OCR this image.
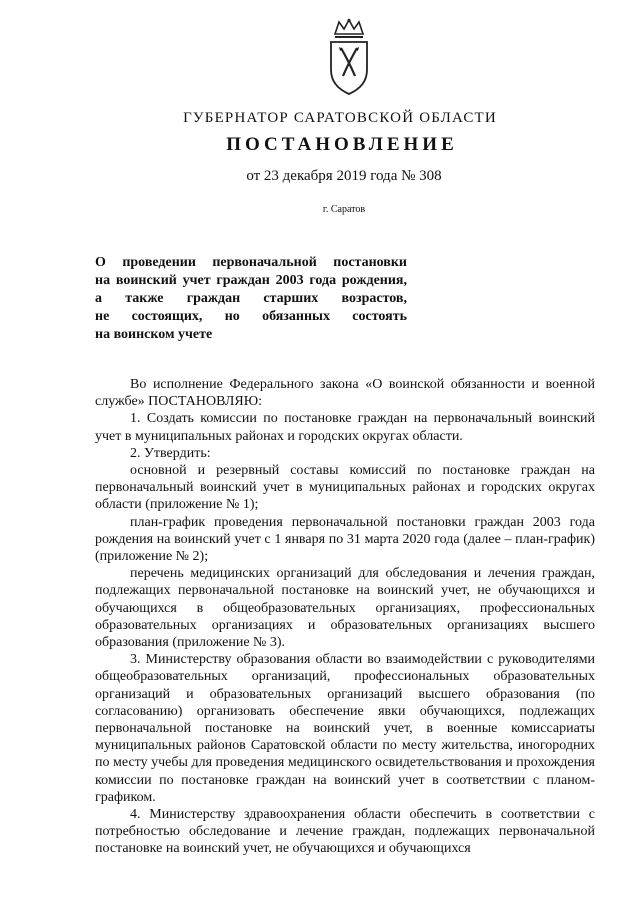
ГУБЕРНАТОР САРАТОВСКОЙ ОБЛАСТИ
ПОСТАНОВЛЕНИЕ
от 23 декабря 2019 года № 308
г. Саратов
О проведении первоначальной постановки
на воинский учет граждан 2003 года рождения,
а также граждан старших возрастов,
не состоящих, но обязанных состоять
на воинском учете

Во исполнение Федерального закона «О воинской обязанности и военной службе» ПОСТАНОВЛЯЮ:

1. Создать комиссии по постановке граждан на первоначальный воинский учет в муниципальных районах и городских округах области.

2. Утвердить:

основной и резервный составы комиссий по постановке граждан на первоначальный воинский учет в муниципальных районах и городских округах области (приложение № 1);

план-график проведения первоначальной постановки граждан 2003 года рождения на воинский учет с 1 января по 31 марта 2020 года (далее – план-график) (приложение № 2);

перечень медицинских организаций для обследования и лечения граждан, подлежащих первоначальной постановке на воинский учет, не обучающихся и обучающихся в общеобразовательных организациях, профессиональных образовательных организациях и образовательных организациях высшего образования (приложение № 3).

3. Министерству образования области во взаимодействии с руководителями общеобразовательных организаций, профессиональных образовательных организаций и образовательных организаций высшего образования (по согласованию) организовать обеспечение явки обучающихся, подлежащих первоначальной постановке на воинский учет, в военные комиссариаты муниципальных районов Саратовской области по месту жительства, иногородних по месту учебы для проведения медицинского освидетельствования и прохождения комиссии по постановке граждан на воинский учет в соответствии с планом-графиком.

4. Министерству здравоохранения области обеспечить в соответствии с потребностью обследование и лечение граждан, подлежащих первоначальной постановке на воинский учет, не обучающихся и обучающихся
